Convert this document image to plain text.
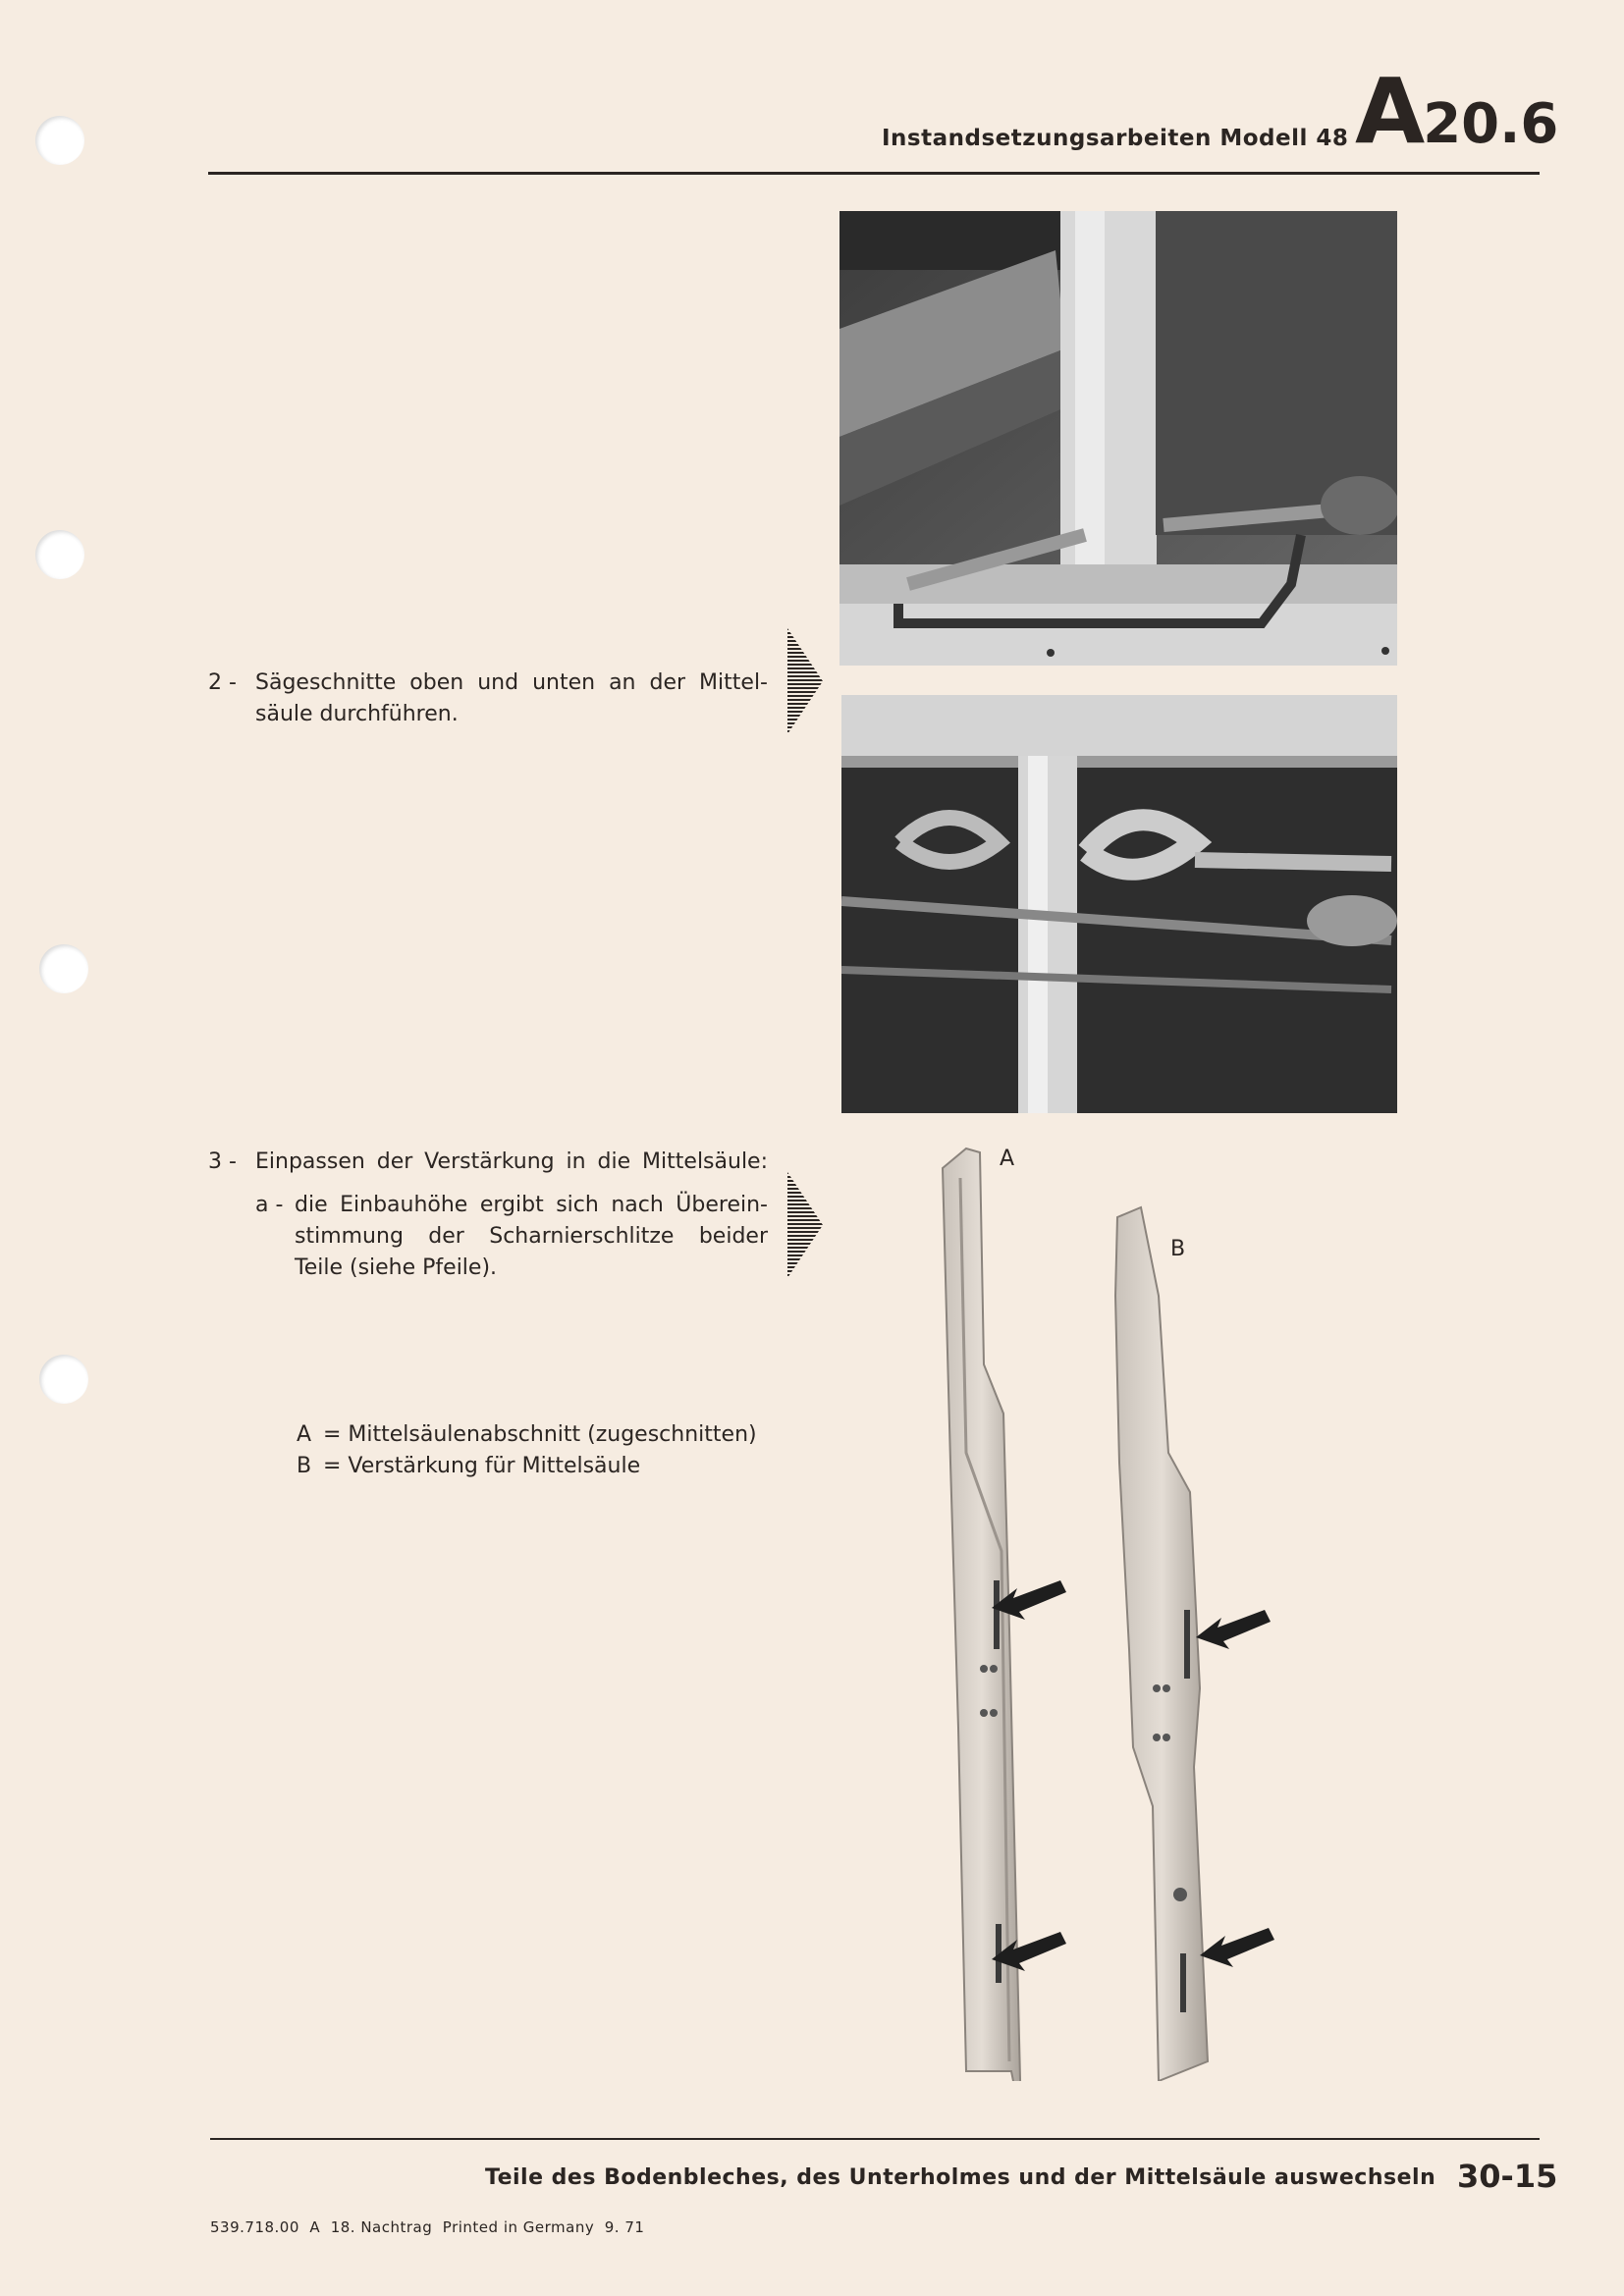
Instandsetzungsarbeiten Modell 48 A20.6
2 - Sägeschnitte oben und unten an der Mittel-
säule durchführen.
3 - Einpassen der Verstärkung in die Mittelsäule:
a - die Einbauhöhe ergibt sich nach Überein-
stimmung der Scharnierschlitze beider
Teile (siehe Pfeile).
A = Mittelsäulenabschnitt (zugeschnitten)
B = Verstärkung für Mittelsäule
A
B
Teile des Bodenbleches, des Unterholmes und der Mittelsäule auswechseln 30-15
539.718.00  A  18. Nachtrag  Printed in Germany  9. 71
